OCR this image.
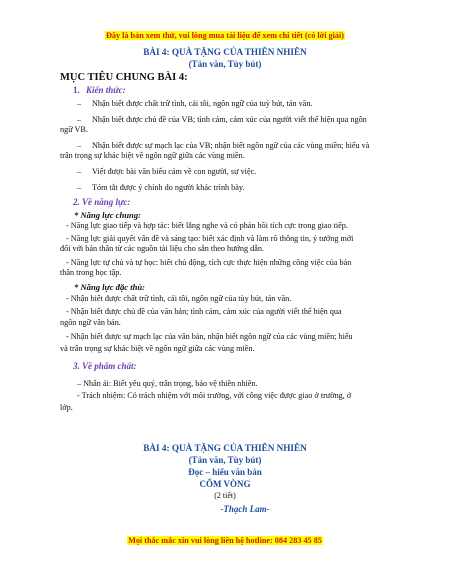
Đây là bản xem thử, vui lòng mua tài liệu để xem chi tiết (có lời giải)
BÀI 4: QUÀ TẶNG CỦA THIÊN NHIÊN
(Tản văn, Tùy bút)
MỤC TIÊU CHUNG BÀI 4:
1. Kiến thức:
– Nhận biết được chất trữ tình, cái tôi, ngôn ngữ của tuỳ bút, tản văn.
– Nhận biết được chủ đề của VB; tình cảm, cảm xúc của người viết thể hiện qua ngôn
ngữ VB.
– Nhận biết được sự mạch lạc của VB; nhận biết ngôn ngữ của các vùng miền; hiểu và
trân trọng sự khác biệt về ngôn ngữ giữa các vùng miền.
– Viết được bài văn biểu cảm về con người, sự việc.
– Tóm tắt được ý chính do người khác trình bày.
2. Về năng lực:
* Năng lực chung:
- Năng lực giao tiếp và hợp tác: biết lắng nghe và có phản hồi tích cực trong giao tiếp.
- Năng lực giải quyết vấn đề và sáng tạo: biết xác định và làm rõ thông tin, ý tưởng mới
đối với bản thân từ các nguồn tài liệu cho sẵn theo hướng dẫn.
- Năng lực tự chủ và tự học: biết chủ động, tích cực thực hiện những công việc của bản
thân trong học tập.
* Năng lực đặc thù:
- Nhận biết được chất trữ tình, cái tôi, ngôn ngữ của tùy bút, tản văn.
- Nhận biết được chủ đề của văn bản; tình cảm, cảm xúc của người viết thể hiện qua
ngôn ngữ văn bản.
- Nhận biết được sự mạch lạc của văn bản, nhận biết ngôn ngữ của các vùng miền; hiểu
và trân trọng sự khác biệt về ngôn ngữ giữa các vùng miền.
3. Về phẩm chất:
– Nhân ái: Biết yêu quý, trân trọng, bảo vệ thiên nhiên.
- Trách nhiệm: Có trách nhiệm với môi trường, với công việc được giao ở trường, ở
lớp.
BÀI 4: QUÀ TẶNG CỦA THIÊN NHIÊN
(Tản văn, Tùy bút)
Đọc – hiểu văn bản
CỐM VÒNG
(2 tiết)
-Thạch Lam-
Mọi thắc mắc xin vui lòng liên hệ hotline: 084 283 45 85
